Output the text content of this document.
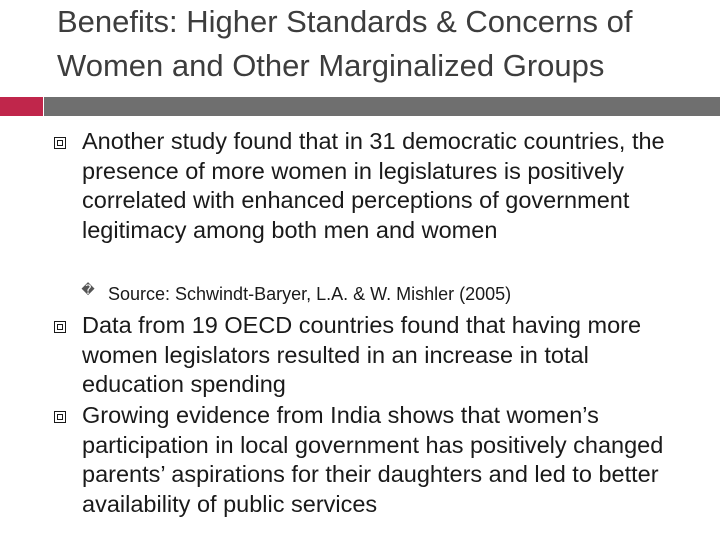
Benefits: Higher Standards & Concerns of Women and Other Marginalized Groups
Another study found that in 31 democratic countries, the presence of more women in legislatures is positively correlated with enhanced perceptions of government legitimacy among both men and women
� Source: Schwindt-Baryer, L.A. & W. Mishler (2005)
Data from 19 OECD countries found that having more women legislators resulted in an increase in total education spending
Growing evidence from India shows that women’s participation in local government has positively changed parents’ aspirations for their daughters and led to better availability of public services
